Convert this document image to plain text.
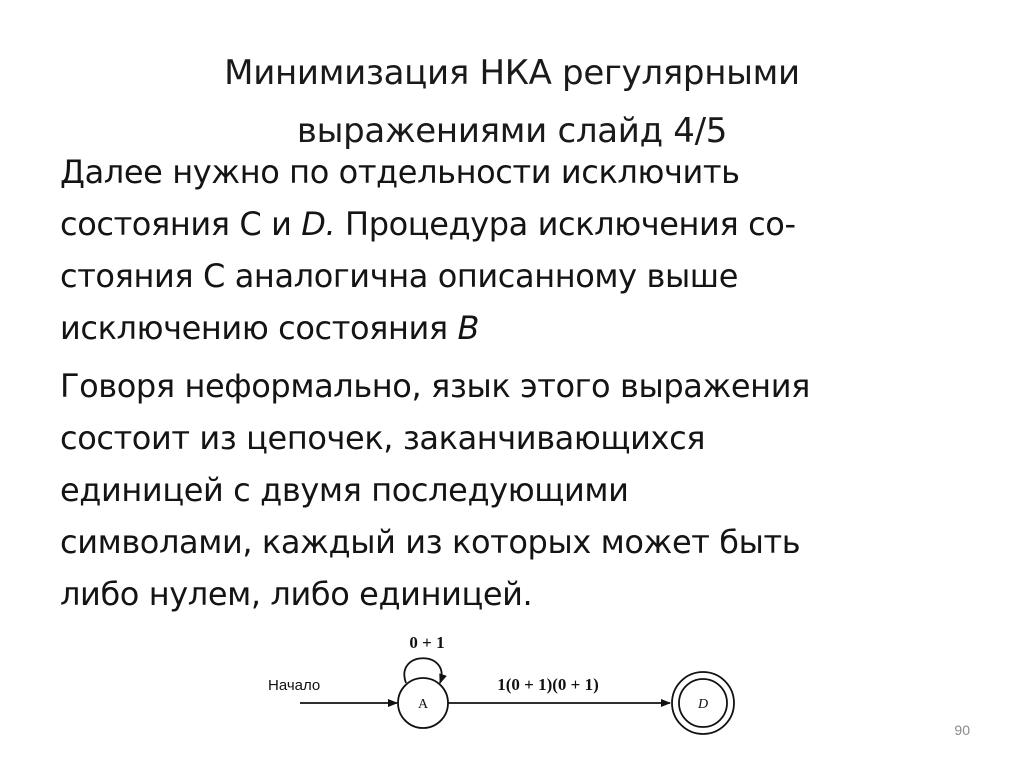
Минимизация НКА регулярными
выражениями слайд 4/5

Далее нужно по отдельности исключить
состояния С и D. Процедура исключения со-
стояния С аналогична описанному выше
исключению состояния B

Говоря неформально, язык этого выражения
состоит из цепочек, заканчивающихся
единицей с двумя последующими
символами, каждый из которых может быть
либо нулем, либо единицей.

Начало
A
0 + 1
1(0 + 1)(0 + 1)
D
90
